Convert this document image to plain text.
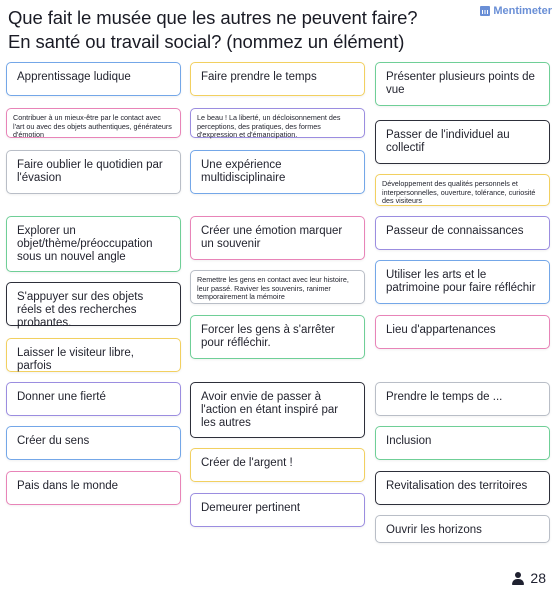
Que fait le musée que les autres ne peuvent faire?
En santé ou travail social? (nommez un élément)
Mentimeter
Apprentissage ludique
Contribuer à un mieux-être par le contact avec l'art ou avec des objets authentiques, générateurs d'émotion
Faire oublier le quotidien par l'évasion
Explorer un objet/thème/préoccupation sous un nouvel angle
S'appuyer sur des objets réels et des recherches probantes.
Laisser le visiteur libre, parfois
Donner une fierté
Créer du sens
Pais dans le monde
Faire prendre le temps
Le beau ! La liberté, un décloisonnement des perceptions, des pratiques, des formes d'expression et d'émancipation.
Une expérience multidisciplinaire
Créer une émotion marquer un souvenir
Remettre les gens en contact avec leur histoire, leur passé. Raviver les souvenirs, ranimer temporairement la mémoire
Forcer les gens à s'arrêter pour réfléchir.
Avoir envie de passer à l'action en étant inspiré par les autres
Créer de l'argent !
Demeurer pertinent
Présenter plusieurs points de vue
Passer de l'individuel au collectif
Développement des qualités personnels et interpersonnelles, ouverture, tolérance, curiosité des visiteurs
Passeur de connaissances
Utiliser les arts et le patrimoine pour faire réfléchir
Lieu d'appartenances
Prendre le temps de ...
Inclusion
Revitalisation des territoires
Ouvrir les horizons
28
